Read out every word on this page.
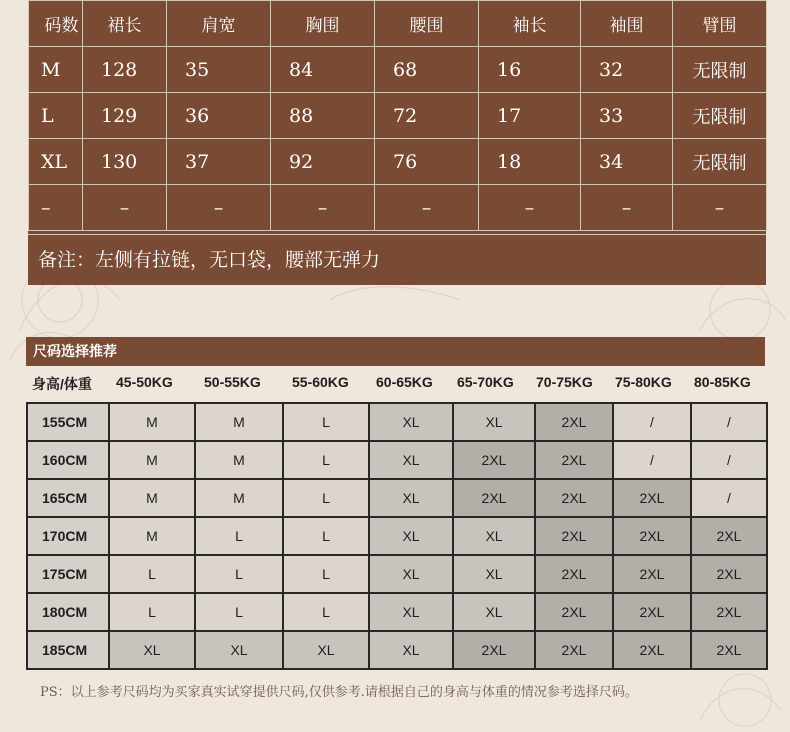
码数	裙长	肩宽	胸围	腰围	袖长	袖围	臂围
M	128	35	84	68	16	32	无限制
L	129	36	88	72	17	33	无限制
XL	130	37	92	76	18	34	无限制
–	–	–	–	–	–	–	–
备注：左侧有拉链，无口袋，腰部无弹力
尺码选择推荐
身高/体重 45-50KG 50-55KG 55-60KG 60-65KG 65-70KG 70-75KG 75-80KG 80-85KG
155CM	M	M	L	XL	XL	2XL	/	/
160CM	M	M	L	XL	2XL	2XL	/	/
165CM	M	M	L	XL	2XL	2XL	2XL	/
170CM	M	L	L	XL	XL	2XL	2XL	2XL
175CM	L	L	L	XL	XL	2XL	2XL	2XL
180CM	L	L	L	XL	XL	2XL	2XL	2XL
185CM	XL	XL	XL	XL	2XL	2XL	2XL	2XL
PS：以上参考尺码均为买家真实试穿提供尺码,仅供参考.请根据自己的身高与体重的情况参考选择尺码。
